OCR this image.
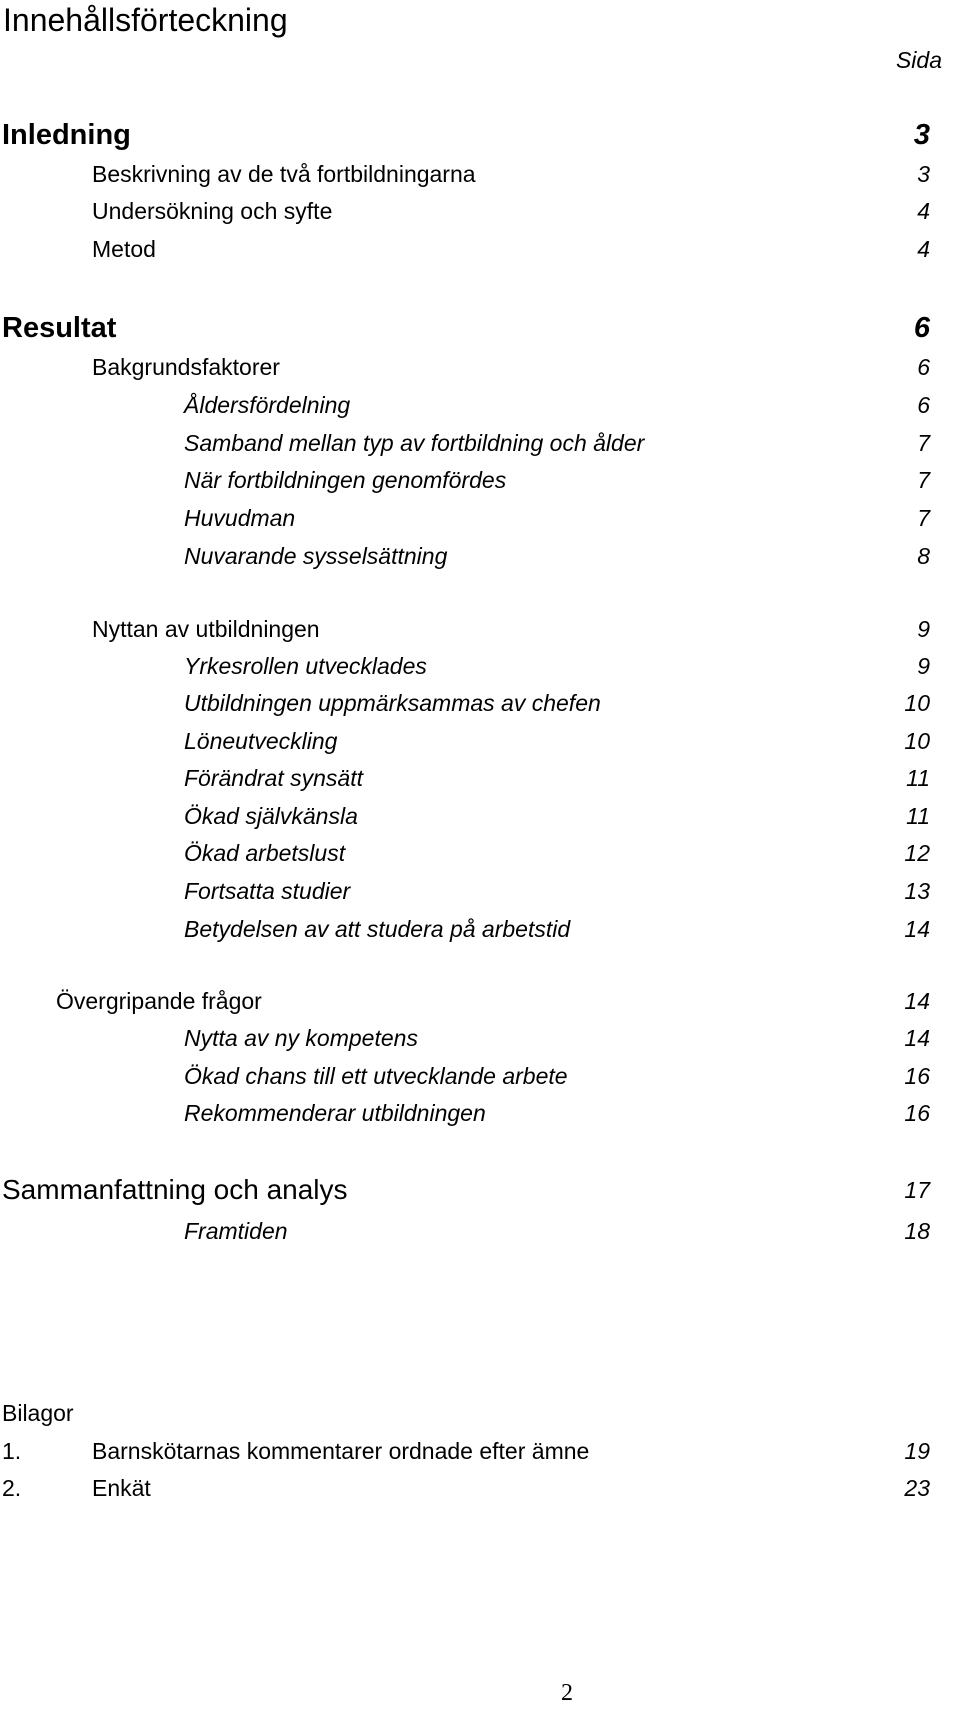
Innehållsförteckning
Sida
Inledning	3
Beskrivning av de två fortbildningarna	3
Undersökning och syfte	4
Metod	4
Resultat	6
Bakgrundsfaktorer	6
Åldersfördelning	6
Samband mellan typ av fortbildning och ålder	7
När fortbildningen genomfördes	7
Huvudman	7
Nuvarande sysselsättning	8
Nyttan av utbildningen	9
Yrkesrollen utvecklades	9
Utbildningen uppmärksammas av chefen	10
Löneutveckling	10
Förändrat synsätt	11
Ökad självkänsla	11
Ökad arbetslust	12
Fortsatta studier	13
Betydelsen av att studera på arbetstid	14
Övergripande frågor	14
Nytta av ny kompetens	14
Ökad chans till ett utvecklande arbete	16
Rekommenderar utbildningen	16
Sammanfattning och analys	17
Framtiden	18
Bilagor
1.	Barnskötarnas kommentarer ordnade efter ämne	19
2.	Enkät	23
2
